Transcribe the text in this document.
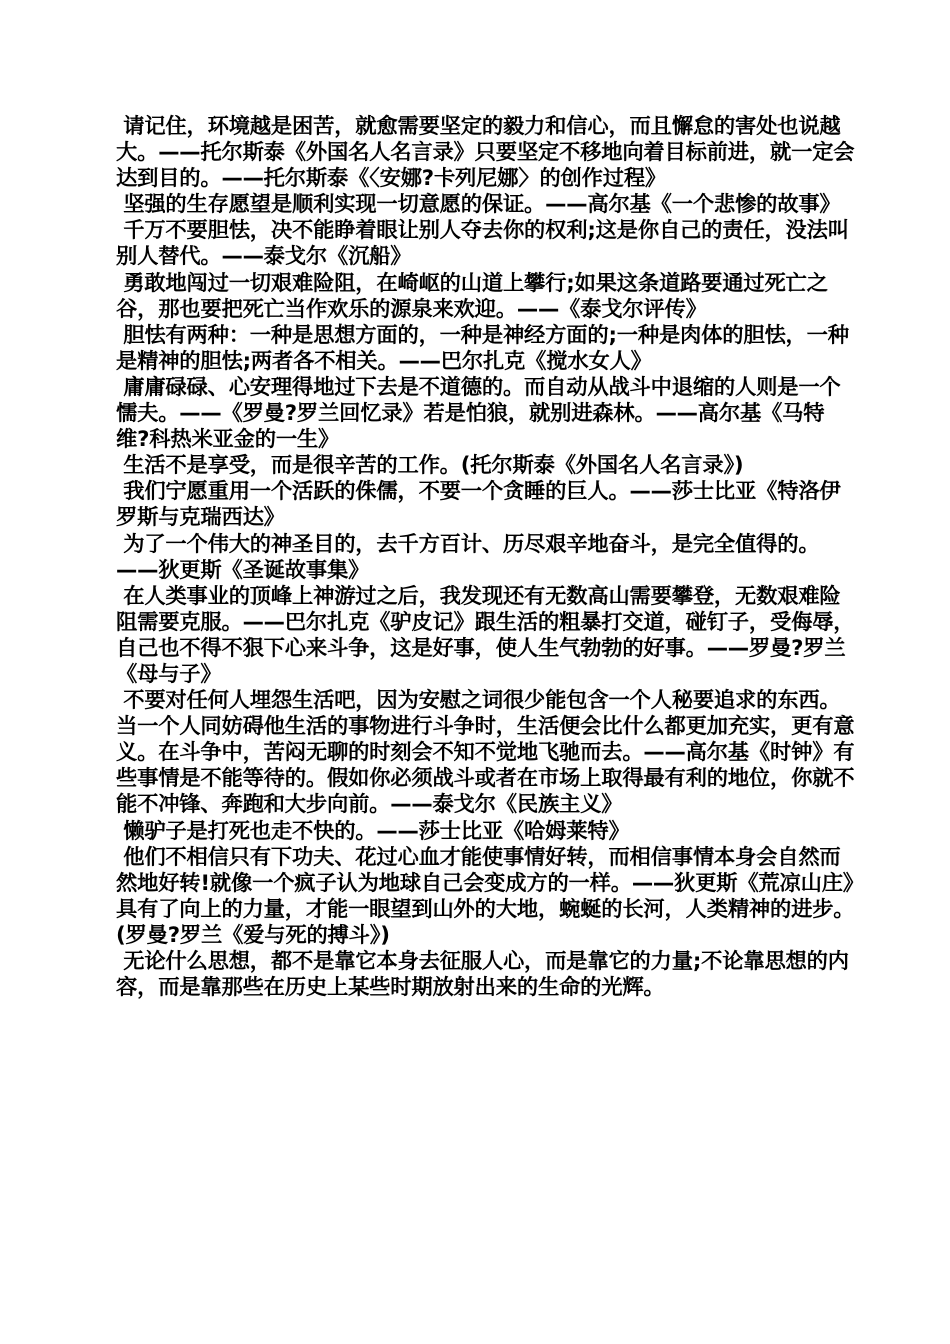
请记住，环境越是困苦，就愈需要坚定的毅力和信心，而且懈怠的害处也说越大。——托尔斯泰《外国名人名言录》只要坚定不移地向着目标前进，就一定会达到目的。——托尔斯泰《〈安娜?卡列尼娜〉的创作过程》

坚强的生存愿望是顺利实现一切意愿的保证。——高尔基《一个悲惨的故事》

千万不要胆怯，决不能睁着眼让别人夺去你的权利;这是你自己的责任，没法叫别人替代。——泰戈尔《沉船》

勇敢地闯过一切艰难险阻，在崎岖的山道上攀行;如果这条道路要通过死亡之谷，那也要把死亡当作欢乐的源泉来欢迎。——《泰戈尔评传》

胆怯有两种：一种是思想方面的，一种是神经方面的;一种是肉体的胆怯，一种是精神的胆怯;两者各不相关。——巴尔扎克《搅水女人》

庸庸碌碌、心安理得地过下去是不道德的。而自动从战斗中退缩的人则是一个懦夫。——《罗曼?罗兰回忆录》若是怕狼，就别进森林。——高尔基《马特维?科热米亚金的一生》

生活不是享受，而是很辛苦的工作。(托尔斯泰《外国名人名言录》)

我们宁愿重用一个活跃的侏儒，不要一个贪睡的巨人。——莎士比亚《特洛伊罗斯与克瑞西达》

为了一个伟大的神圣目的，去千方百计、历尽艰辛地奋斗，是完全值得的。——狄更斯《圣诞故事集》

在人类事业的顶峰上神游过之后，我发现还有无数高山需要攀登，无数艰难险阻需要克服。——巴尔扎克《驴皮记》跟生活的粗暴打交道，碰钉子，受侮辱，自己也不得不狠下心来斗争，这是好事，使人生气勃勃的好事。——罗曼?罗兰《母与子》

不要对任何人埋怨生活吧，因为安慰之词很少能包含一个人秘要追求的东西。当一个人同妨碍他生活的事物进行斗争时，生活便会比什么都更加充实，更有意义。在斗争中，苦闷无聊的时刻会不知不觉地飞驰而去。——高尔基《时钟》有些事情是不能等待的。假如你必须战斗或者在市场上取得最有利的地位，你就不能不冲锋、奔跑和大步向前。——泰戈尔《民族主义》

懒驴子是打死也走不快的。——莎士比亚《哈姆莱特》

他们不相信只有下功夫、花过心血才能使事情好转，而相信事情本身会自然而然地好转!就像一个疯子认为地球自己会变成方的一样。——狄更斯《荒凉山庄》

具有了向上的力量，才能一眼望到山外的大地，蜿蜒的长河，人类精神的进步。(罗曼?罗兰《爱与死的搏斗》)

无论什么思想，都不是靠它本身去征服人心，而是靠它的力量;不论靠思想的内容，而是靠那些在历史上某些时期放射出来的生命的光辉。
